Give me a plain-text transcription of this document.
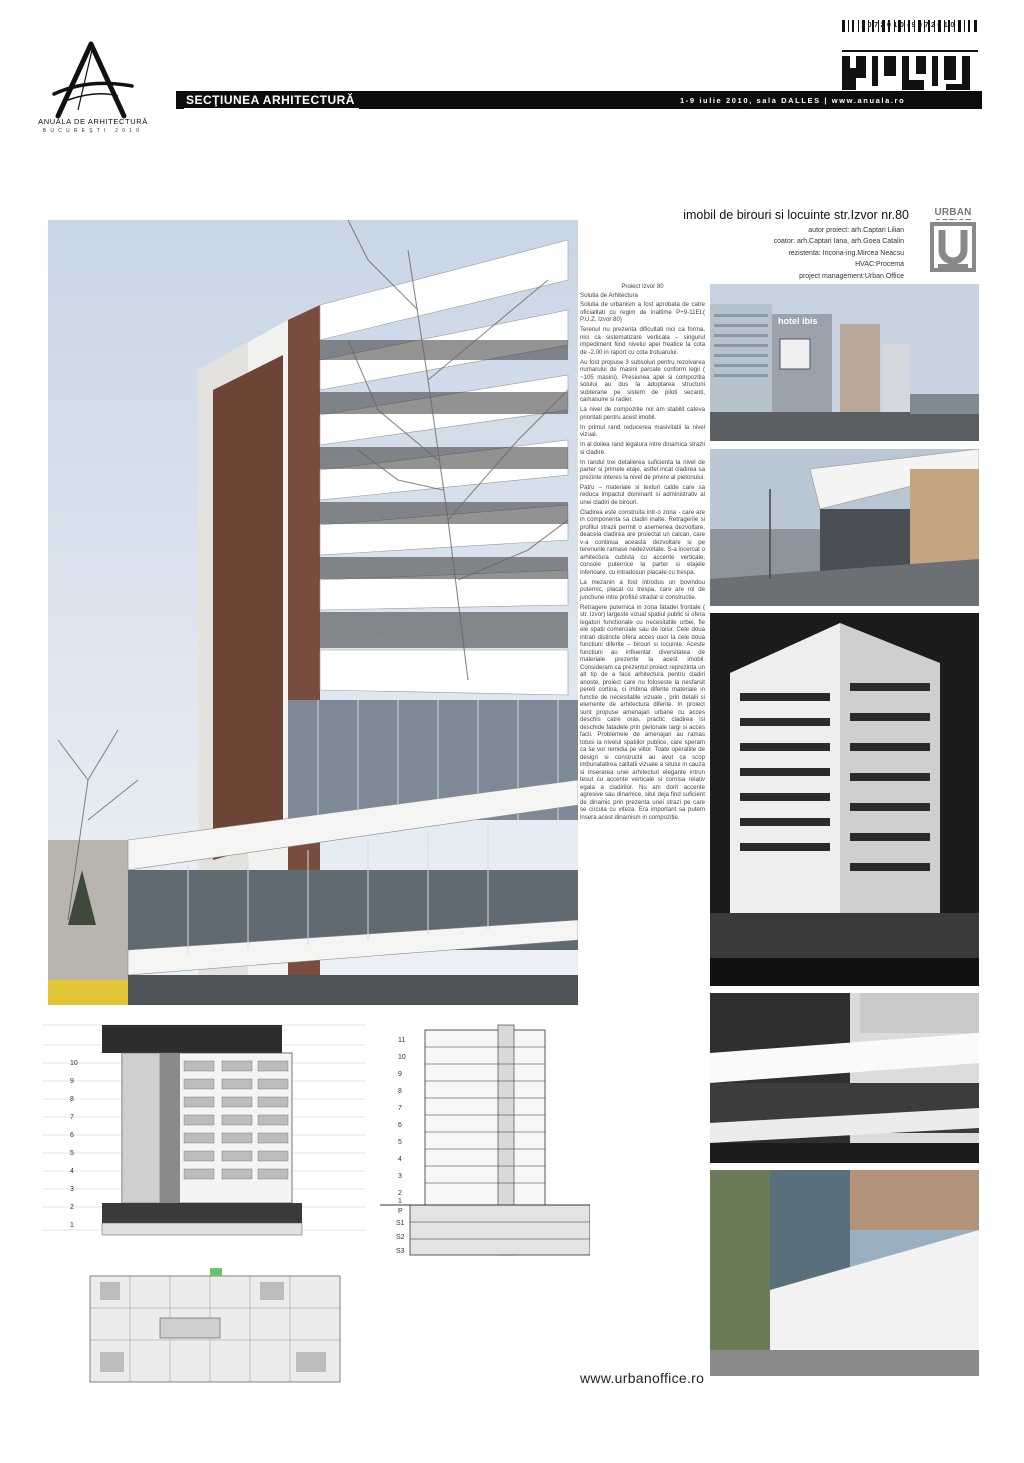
ANUALA DE ARHITECTURĂ
BUCUREŞTI 2010
SECŢIUNEA ARHITECTURĂ	1-9 iulie 2010, sala DALLES | www.anuala.ro
1072010-9072010
imobil de birouri si locuinte str.Izvor nr.80
autor proiect: arh.Captari Lilian
coator: arh.Captari Iana, arh.Goea Catalin
rezistenta: Incona-ing.Mircea Neacsu
HVAC:Procema
project management:Urban Office
URBAN
hotel ibis
Proiect Izvor 80
Solutia de Arhitectura

Solutia de urbanism a fost aprobata de catre oficialitati cu regim de inaltime P+9-11Et.( P.U.Z. Izvor 80)

Terenul nu prezenta dificultati nici ca forma, nici ca sistematizare verticala – singurul impediment fiind nivelul apei freatice la cota de -2.00 in raport cu cota trotuarului.

Au fost propuse 3 subsoluri pentru rezolvarea numarului de masini parcate conform legii ( ~105 masini). Presiunea apei si compozitia solului au dus la adoptarea structurii subterane pe sistem de piloti secanti, camasuire si radier.

La nivel de compozitie noi am stabilit cateva prioritati pentru acest imobil.

In primul rand reducerea masivitatii la nivel vizual.

In al doilea rand legatura intre dinamica strazii si cladire.

In randul trei detalierea suficienta la nivel de parter si primele etaje, astfel incat cladirea sa prezinte interes la nivel de privire al pietonului.

Patru – materiale si texturi calde care sa reduca impactul dominant si administrativ al unei cladiri de birouri.

Cladirea este construita intr-o zona - care are in componenta sa cladiri inalte. Retragerile si profilul strazii permit o asemenea dezvoltare, deaceia cladirea are proiectat un calcan, care v-a continua aceasta dezvoltare si pe terenurile ramase nedezvoltate. S-a incercat o arhitectura cubista cu accente verticale, console puternice la parter si etajele inferioare, cu intradosuri placate cu trespa.

La mezanin a fost introdus un bovindou puternic, placat cu trespa, care are rol de junctiune intre profilul stradal si constructie.

Retragere puternica in zona fatadei frontale ( str. Izvor) largeste vizual spatiul public si ofera legaturi functionale cu necesitatile urbei, fie ele spatii comerciale sau de loisir. Cele doua intrari distincte ofera acces usor la cele doua functiuni diferite – birouri si locuinte. Aceste functiuni au influentat diversitatea de materiale prezente la acest imobil. Consideram ca prezentul proiect reprezinta un alt tip de a face arhitectura pentru cladiri anoste, proiect care nu foloseste la nesfarsit pereti cortina, ci imbina diferite materiale in functie de necesitatile vizuale , prin detalii si elemente de arhitectura diferite. In proiect sunt propuse amenajari urbane cu acces deschis catre oras, practic cladirea isi deschide fatadele prin pietonale largi si acces facil. Problemele de amenajari au ramas totusi la nivelul spatiilor publice, care speram ca se vor remidia pe viitor. Toate operatiile de design si constructii au avut ca scop imbunatatirea calitatii vizuale a sitului in cauza si inserarea unei arhitecturi elegante intrun tesut cu accente verticale si cornisa relativ egala a cladirilor. Nu am dorit accente agresive sau dinamice, situl deja find suficient de dinamic prin prezenta unei strazi pe care se circula cu viteza. Era important sa putem insera acest dinamism in compozitie.

10
9
8
7
6
5
4
3
2
1
11
10
9
8
7
6
5
4
3
2
1
P
S1
S2
S3
www.urbanoffice.ro
